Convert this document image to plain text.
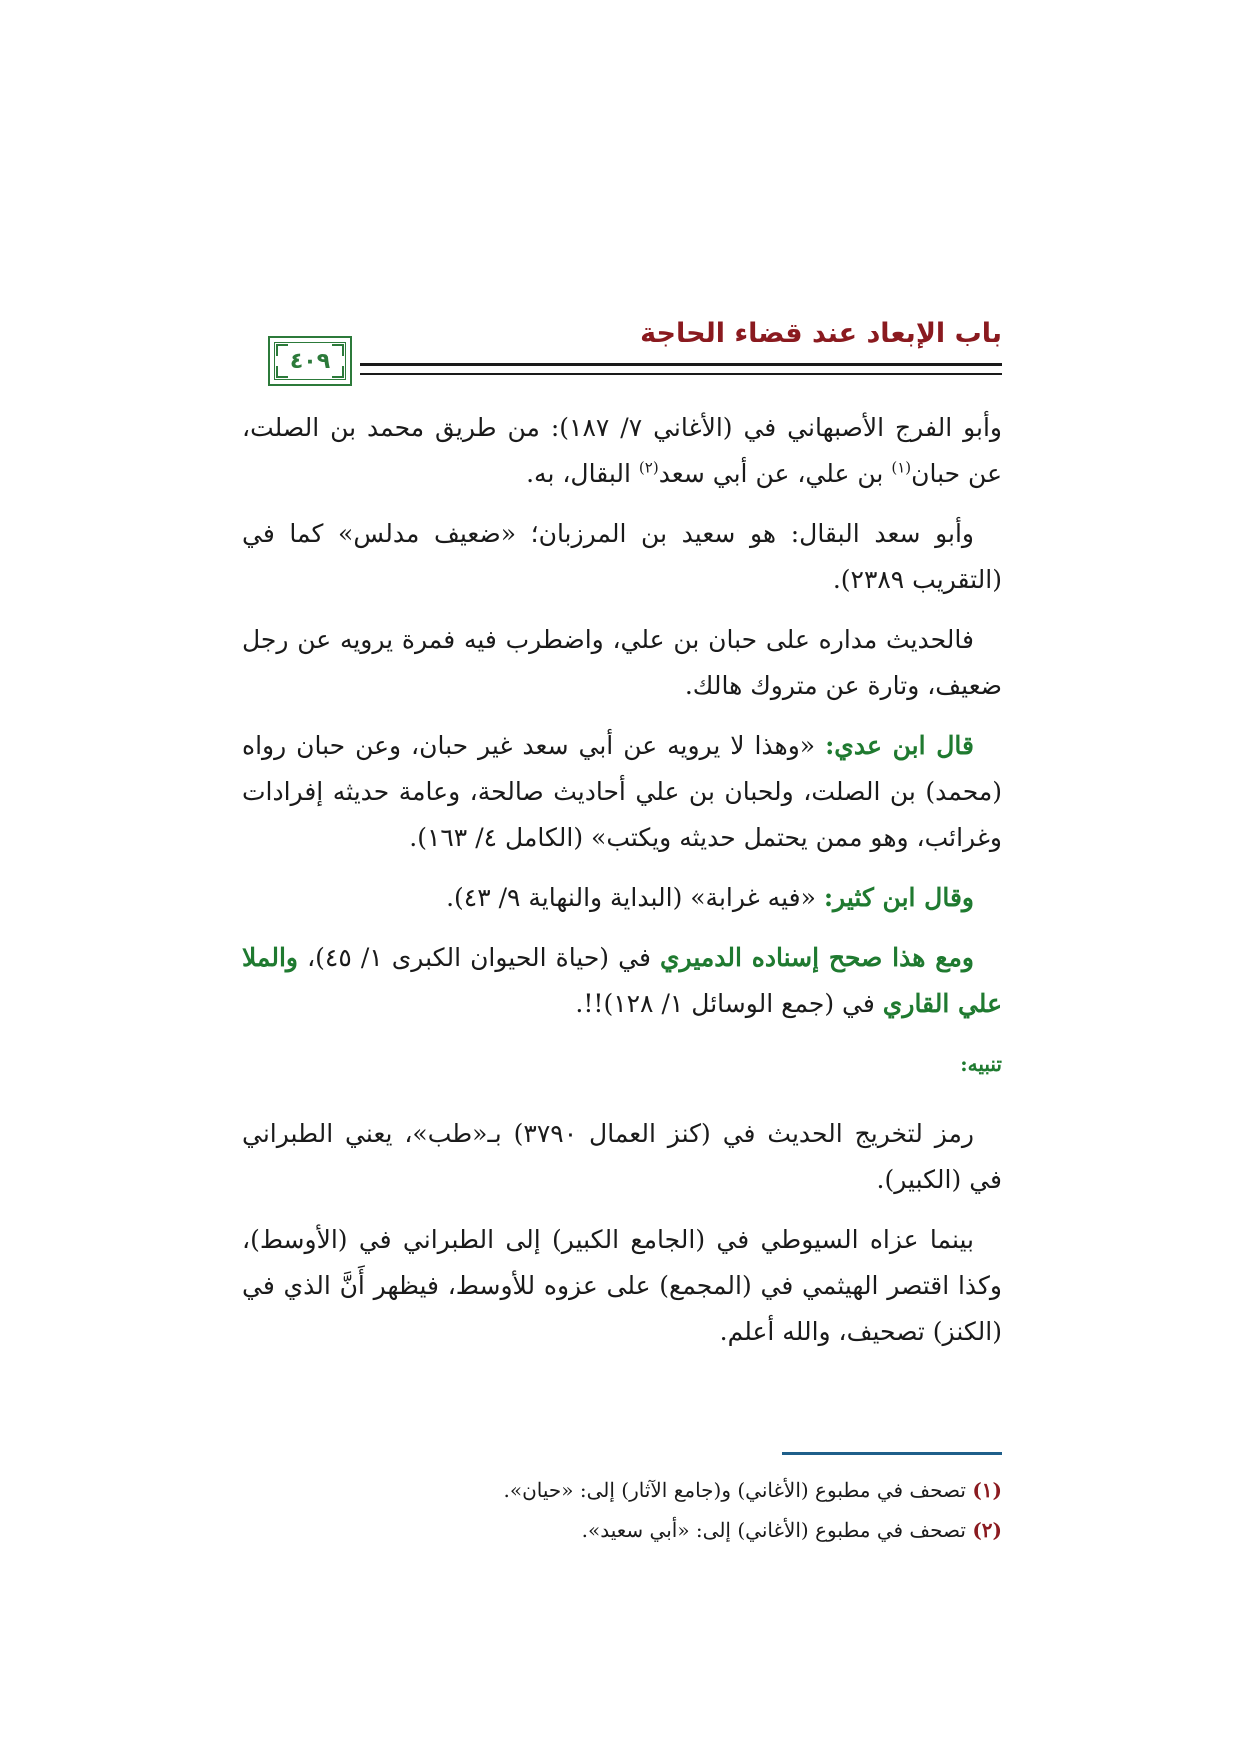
باب الإبعاد عند قضاء الحاجة
٤٠٩

وأبو الفرج الأصبهاني في (الأغاني ٧/ ١٨٧): من طريق محمد بن الصلت، عن حبان$^{(١)}$ بن علي، عن أبي سعد$^{(٢)}$ البقال، به.

وأبو سعد البقال: هو سعيد بن المرزبان؛ «ضعيف مدلس» كما في (التقريب ٢٣٨٩).

فالحديث مداره على حبان بن علي، واضطرب فيه فمرة يرويه عن رجل ضعيف، وتارة عن متروك هالك.

قال ابن عدي: «وهذا لا يرويه عن أبي سعد غير حبان، وعن حبان رواه (محمد) بن الصلت، ولحبان بن علي أحاديث صالحة، وعامة حديثه إفرادات وغرائب، وهو ممن يحتمل حديثه ويكتب» (الكامل ٤/ ١٦٣).

وقال ابن كثير: «فيه غرابة» (البداية والنهاية ٩/ ٤٣).

ومع هذا صحح إسناده الدميري في (حياة الحيوان الكبرى ١/ ٤٥)، والملا علي القاري في (جمع الوسائل ١/ ١٢٨)!!.

تنبيه:

رمز لتخريج الحديث في (كنز العمال ٣٧٩٠) بـ«طب»، يعني الطبراني في (الكبير).

بينما عزاه السيوطي في (الجامع الكبير) إلى الطبراني في (الأوسط)، وكذا اقتصر الهيثمي في (المجمع) على عزوه للأوسط، فيظهر أَنَّ الذي في (الكنز) تصحيف، والله أعلم.

(١) تصحف في مطبوع (الأغاني) و(جامع الآثار) إلى: «حيان».
(٢) تصحف في مطبوع (الأغاني) إلى: «أبي سعيد».
